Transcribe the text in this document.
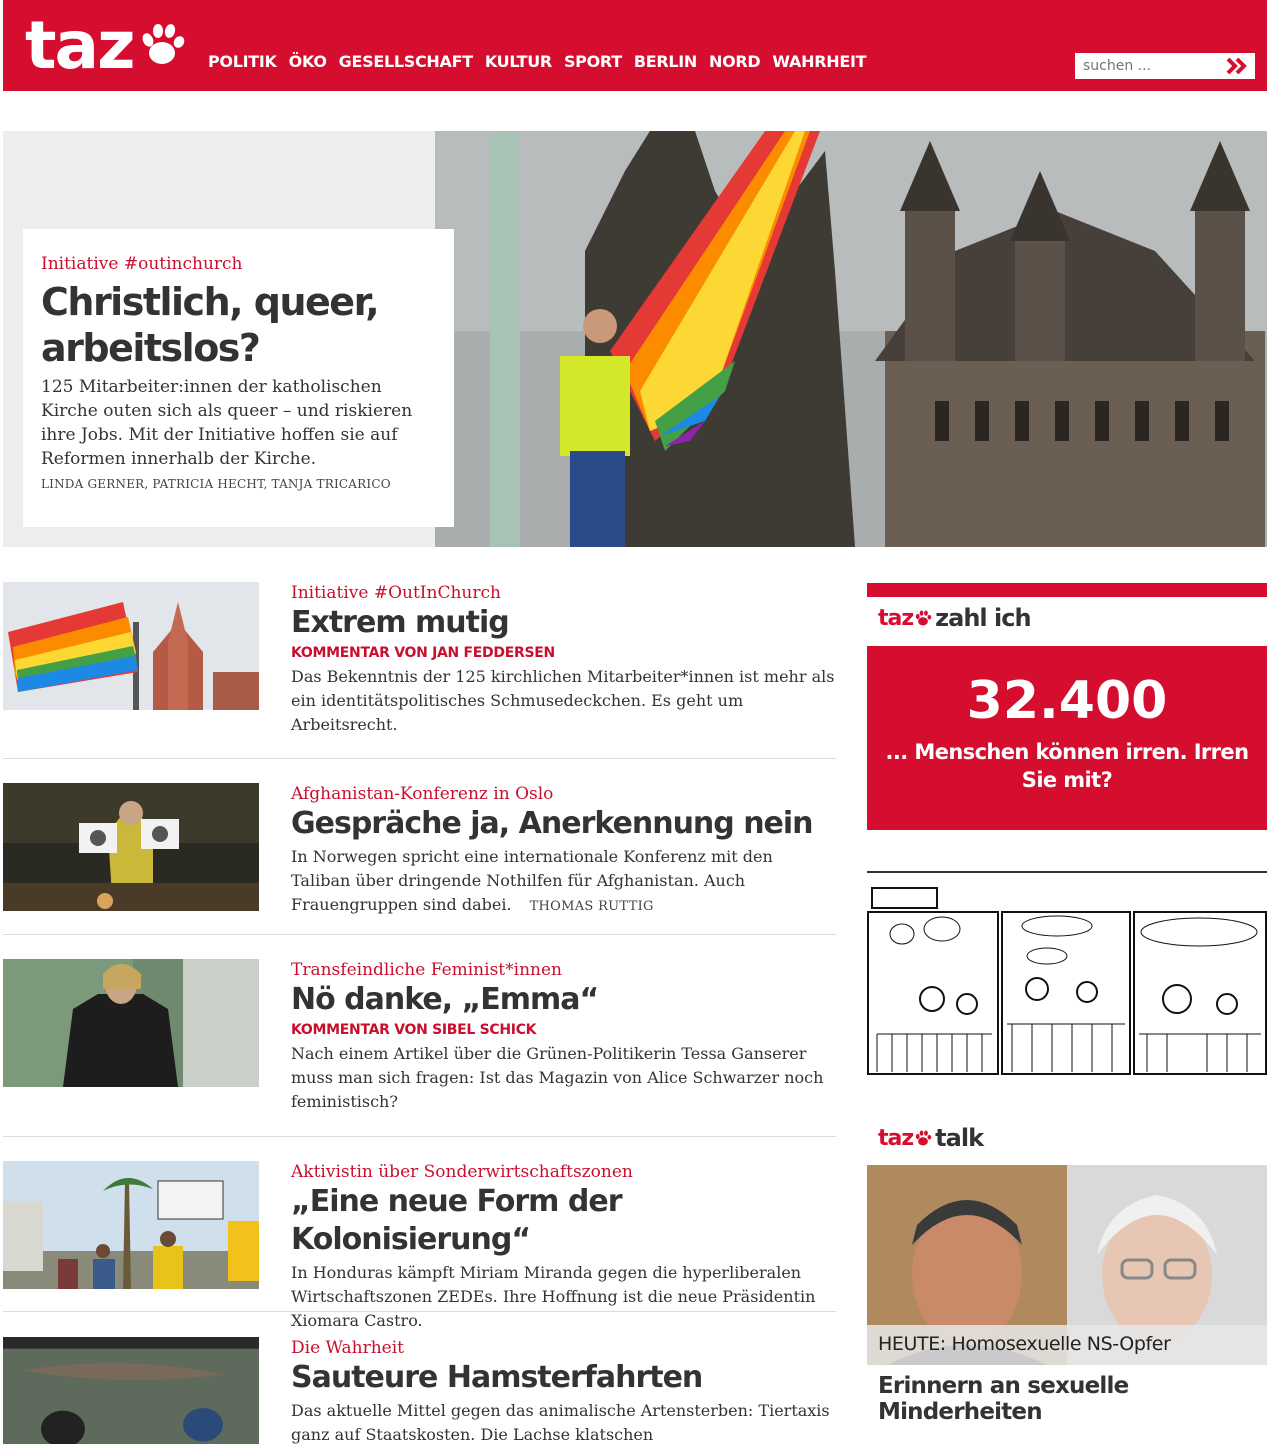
taz	POLITIK ÖKO GESELLSCHAFT KULTUR SPORT BERLIN NORD WAHRHEIT
suchen ...
Initiative #outinchurch
Christlich, queer,
arbeitslos?
125 Mitarbeiter:innen der katholischen Kirche outen sich als queer – und riskieren ihre Jobs. Mit der Initiative hoffen sie auf Reformen innerhalb der Kirche.
LINDA GERNER, PATRICIA HECHT, TANJA TRICARICO
Initiative #OutInChurch
Extrem mutig
KOMMENTAR VON JAN FEDDERSEN
Das Bekenntnis der 125 kirchlichen Mitarbeiter*innen ist mehr als ein identitätspolitisches Schmusedeckchen. Es geht um Arbeitsrecht.
Afghanistan-Konferenz in Oslo
Gespräche ja, Anerkennung nein
In Norwegen spricht eine internationale Konferenz mit den Taliban über dringende Nothilfen für Afghanistan. Auch Frauengruppen sind dabei. THOMAS RUTTIG
Transfeindliche Feminist*innen
Nö danke, „Emma“
KOMMENTAR VON SIBEL SCHICK
Nach einem Artikel über die Grünen-Politikerin Tessa Ganserer muss man sich fragen: Ist das Magazin von Alice Schwarzer noch feministisch?
Aktivistin über Sonderwirtschaftszonen
„Eine neue Form der Kolonisierung“
In Honduras kämpft Miriam Miranda gegen die hyperliberalen Wirtschaftszonen ZEDEs. Ihre Hoffnung ist die neue Präsidentin Xiomara Castro.
Die Wahrheit
Sauteure Hamsterfahrten
Das aktuelle Mittel gegen das animalische Artensterben: Tiertaxis ganz auf Staatskosten. Die Lachse klatschen
taz zahl ich
32.400
... Menschen können irren. Irren Sie mit?
taz talk
HEUTE: Homosexuelle NS-Opfer
Erinnern an sexuelle Minderheiten
